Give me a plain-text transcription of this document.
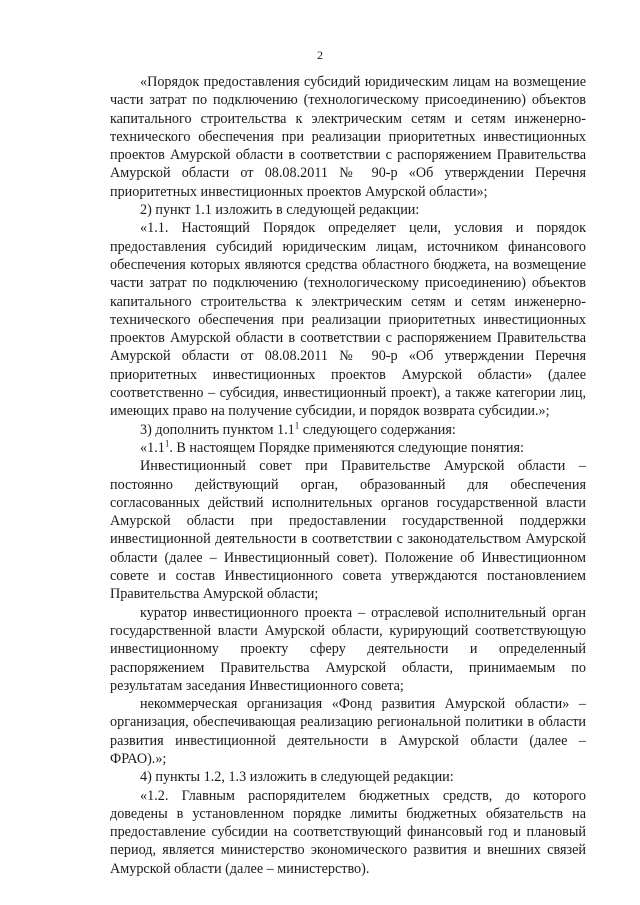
2

«Порядок предоставления субсидий юридическим лицам на возмещение части затрат по подключению (технологическому присоединению) объектов капитального строительства к электрическим сетям и сетям инженерно-технического обеспечения при реализации приоритетных инвестиционных проектов Амурской области в соответствии с распоряжением Правительства Амурской области от 08.08.2011 № 90-р «Об утверждении Перечня приоритетных инвестиционных проектов Амурской области»;

2) пункт 1.1 изложить в следующей редакции:

«1.1. Настоящий Порядок определяет цели, условия и порядок предоставления субсидий юридическим лицам, источником финансового обеспечения которых являются средства областного бюджета, на возмещение части затрат по подключению (технологическому присоединению) объектов капитального строительства к электрическим сетям и сетям инженерно-технического обеспечения при реализации приоритетных инвестиционных проектов Амурской области в соответствии с распоряжением Правительства Амурской области от 08.08.2011 № 90-р «Об утверждении Перечня приоритетных инвестиционных проектов Амурской области» (далее соответственно – субсидия, инвестиционный проект), а также категории лиц, имеющих право на получение субсидии, и порядок возврата субсидии.»;

3) дополнить пунктом $1.1^1$ следующего содержания:

«$1.1^1$. В настоящем Порядке применяются следующие понятия:

Инвестиционный совет при Правительстве Амурской области – постоянно действующий орган, образованный для обеспечения согласованных действий исполнительных органов государственной власти Амурской области при предоставлении государственной поддержки инвестиционной деятельности в соответствии с законодательством Амурской области (далее – Инвестиционный совет). Положение об Инвестиционном совете и состав Инвестиционного совета утверждаются постановлением Правительства Амурской области;

куратор инвестиционного проекта – отраслевой исполнительный орган государственной власти Амурской области, курирующий соответствующую инвестиционному проекту сферу деятельности и определенный распоряжением Правительства Амурской области, принимаемым по результатам заседания Инвестиционного совета;

некоммерческая организация «Фонд развития Амурской области» – организация, обеспечивающая реализацию региональной политики в области развития инвестиционной деятельности в Амурской области (далее – ФРАО).»;

4) пункты 1.2, 1.3 изложить в следующей редакции:

«1.2. Главным распорядителем бюджетных средств, до которого доведены в установленном порядке лимиты бюджетных обязательств на предоставление субсидии на соответствующий финансовый год и плановый период, является министерство экономического развития и внешних связей Амурской области (далее – министерство).
